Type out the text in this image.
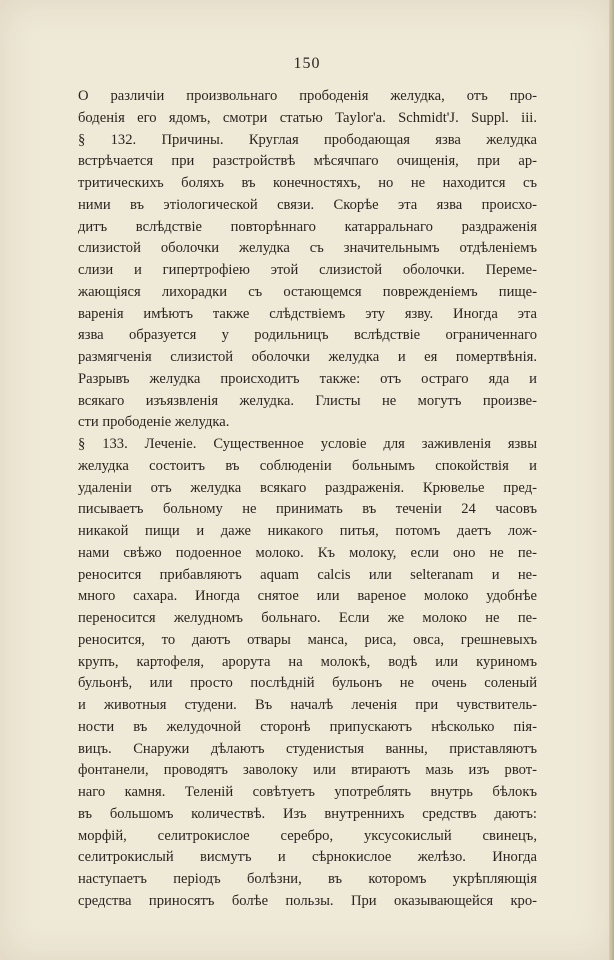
150
О различіи произвольнаго прободенія желудка, отъ про-
боденія его ядомъ, смотри статью Taylor'a. Schmidt'J. Suppl. iii.
§ 132. Причины. Круглая прободающая язва желудка
встрѣчается при разстройствѣ мѣсячпаго очищенія, при ар-
тритическихъ боляхъ въ конечностяхъ, но не находится съ
ними въ этіологической связи. Скорѣе эта язва происхо-
дитъ вслѣдствіе повторѣннаго катарральнаго раздраженія
слизистой оболочки желудка съ значительнымъ отдѣленіемъ
слизи и гипертрофіею этой слизистой оболочки. Переме-
жающіяся лихорадки съ остающемся поврежденіемъ пище-
варенія имѣютъ также слѣдствіемъ эту язву. Иногда эта
язва образуется у родильницъ вслѣдствіе ограниченнаго
размягченія слизистой оболочки желудка и ея помертвѣнія.
Разрывъ желудка происходитъ также: отъ остраго яда и
всякаго изъязвленія желудка. Глисты не могутъ произве-
сти прободеніе желудка.
§ 133. Леченіе. Существенное условіе для заживленія язвы
желудка состоитъ въ соблюденіи больнымъ спокойствія и
удаленіи отъ желудка всякаго раздраженія. Крювелье пред-
писываетъ больному не принимать въ теченіи 24 часовъ
никакой пищи и даже никакого питья, потомъ даетъ лож-
нами свѣжо подоенное молоко. Къ молоку, если оно не пе-
реносится прибавляютъ aquam calcis или selteranam и не-
много сахара. Иногда снятое или вареное молоко удобнѣе
переносится желудномъ больнаго. Если же молоко не пе-
реносится, то даютъ отвары манса, риса, овса, грешневыхъ
крупъ, картофеля, арорута на молокѣ, водѣ или куриномъ
бульонѣ, или просто послѣдній бульонъ не очень соленый
и животныя студени. Въ началѣ леченія при чувствитель-
ности въ желудочной сторонѣ припускаютъ нѣсколько пія-
вицъ. Снаружи дѣлаютъ студенистыя ванны, приставляютъ
фонтанели, проводятъ заволоку или втираютъ мазь изъ рвот-
наго камня. Теленій совѣтуетъ употреблять внутрь бѣлокъ
въ большомъ количествѣ. Изъ внутреннихъ средствъ даютъ:
морфій, селитрокислое серебро, уксусокислый свинецъ,
селитрокислый висмутъ и сѣрнокислое желѣзо. Иногда
наступаетъ періодъ болѣзни, въ которомъ укрѣпляющія
средства приносятъ болѣе пользы. При оказывающейся кро-
